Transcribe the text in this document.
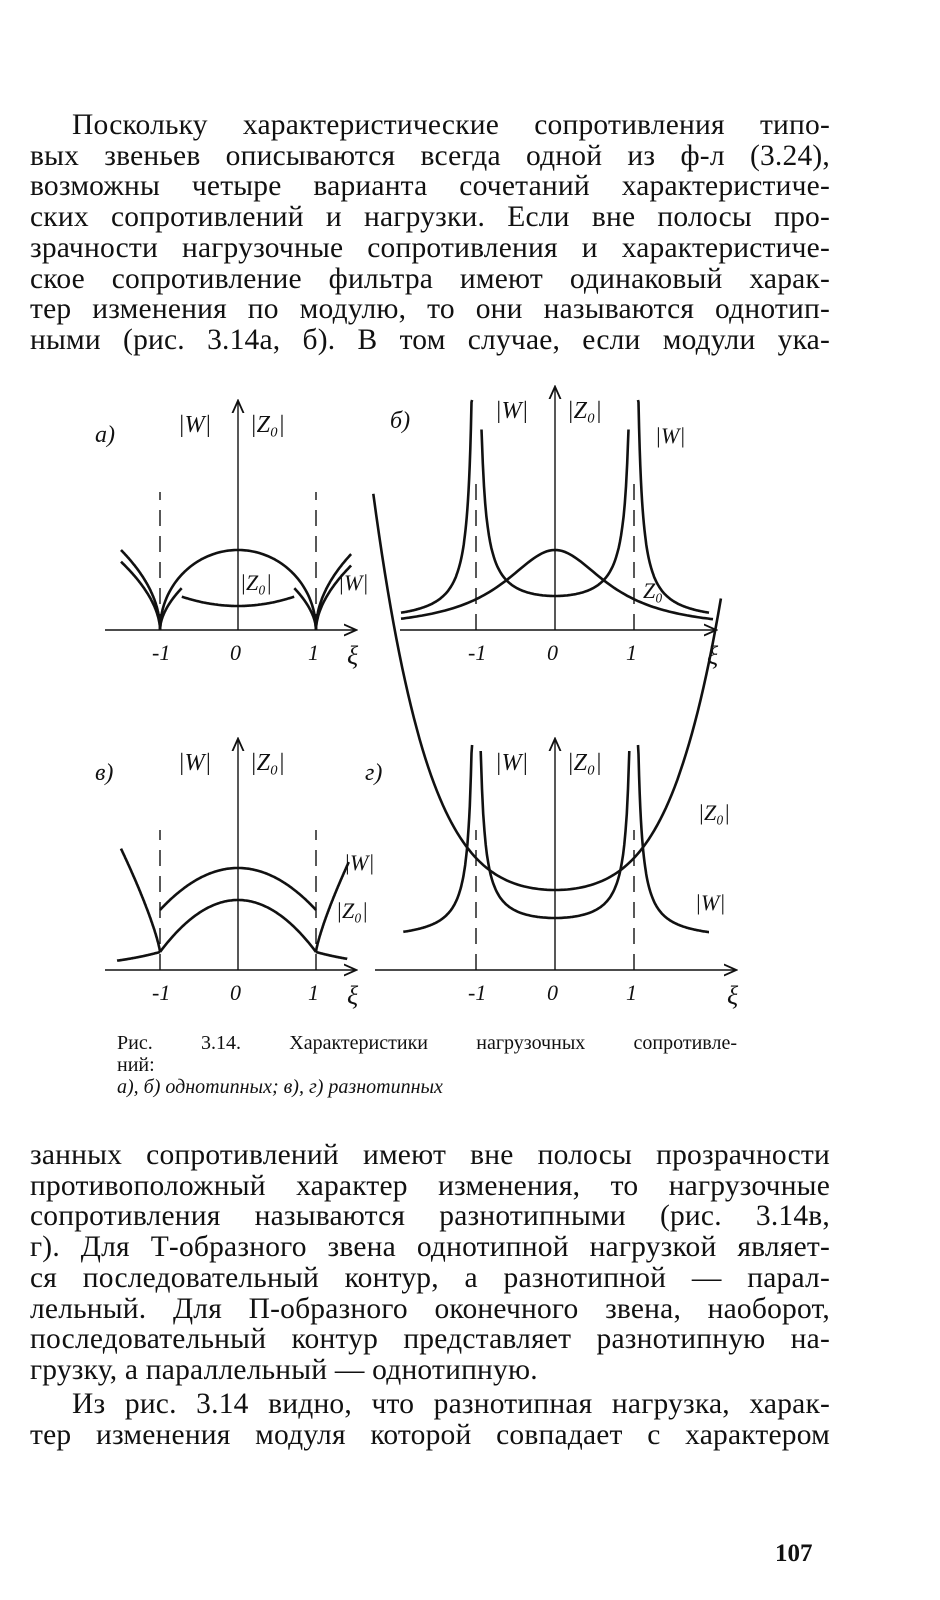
Поскольку характеристические сопротивления типо-
вых звеньев описываются всегда одной из ф-л (3.24),
возможны четыре варианта сочетаний характеристиче-
ских сопротивлений и нагрузки. Если вне полосы про-
зрачности нагрузочные сопротивления и характеристиче-
ское сопротивление фильтра имеют одинаковый харак-
тер изменения по модулю, то они называются однотип-
ными (рис. 3.14а, б). В том случае, если модули ука-

а)	|W| |Z₀|
|Z₀|	|W|
-1	0	1 ξ
б)	|W| |Z₀|
|W|
Z₀
-1	0	1	ξ
в)	|W| |Z₀|
|W|
|Z₀|
-1	0	1 ξ
г)	|W| |Z₀|
|Z₀|
|W|
-1	0	1	ξ
Рис. 3.14. Характеристики нагрузочных сопротивле-
ний:
а), б) однотипных; в), г) разнотипных

занных сопротивлений имеют вне полосы прозрачности
противоположный характер изменения, то нагрузочные
сопротивления называются разнотипными (рис. 3.14в,
г). Для Т-образного звена однотипной нагрузкой являет-
ся последовательный контур, а разнотипной — парал-
лельный. Для П-образного оконечного звена, наоборот,
последовательный контур представляет разнотипную на-
грузку, а параллельный — однотипную.

Из рис. 3.14 видно, что разнотипная нагрузка, харак-
тер изменения модуля которой совпадает с характером

107
